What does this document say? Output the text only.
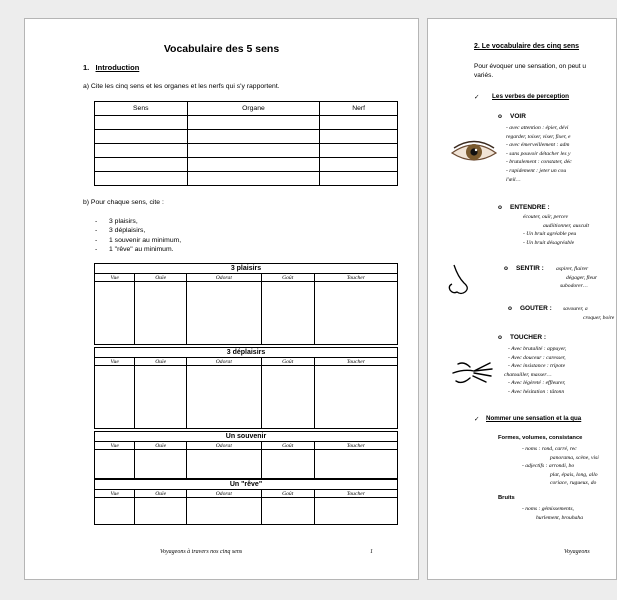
Vocabulaire des 5 sens
1. Introduction
a) Cite les cinq sens et les organes et les nerfs qui s'y rapportent.
Sens	Organe	Nerf

b) Pour chaque sens, cite :
- 3 plaisirs,
- 3 déplaisirs,
- 1 souvenir au minimum,
- 1 "rêve" au minimum.
3 plaisirs				
Vue	Ouïe	Odorat	Goût	Toucher

3 déplaisirs				
Vue	Ouïe	Odorat	Goût	Toucher

Un souvenir				
Vue	Ouïe	Odorat	Goût	Toucher

Un "rêve"				
Vue	Ouïe	Odorat	Goût	Toucher

Voyageons à travers nos cinq sens	1
2. Le vocabulaire des cinq sens
Pour évoquer une sensation, on peut u
variés.
✓ Les verbes de perception
o VOIR
- avec attention : épier, dévi
regarder, toiser, viser, fixer, e
- avec émerveillement : adm
- sans pouvoir détacher les y
- brutalement : constater, déc
- rapidement : jeter un cou
l'œil…
o ENTENDRE :
écouter, ouïr, percev
audiitionner, auscult
- Un bruit agréable peu
- Un bruit désagréable
o SENTIR : aspirer, flairer
dégager, fleur
subodorer…
o GOUTER : savourer, a
croquer, boire
o TOUCHER :
- Avec brutalité : appuyer,
- Avec douceur : caresser,
- Avec insistance : tripote
chatouiller, masser…
- Avec légèreté : effleurer,
- Avec hésitation : tâtonn
✓ Nommer une sensation et la qua
Formes, volumes, consistance
- noms : rond, carré, rec
panorama, scène, visi
- adjectifs : arrondi, bo
plat, épais, long, allo
coriace, rugueux, do
Bruits
- noms : gémissements,
hurlement, brouhaha
Voyageons
